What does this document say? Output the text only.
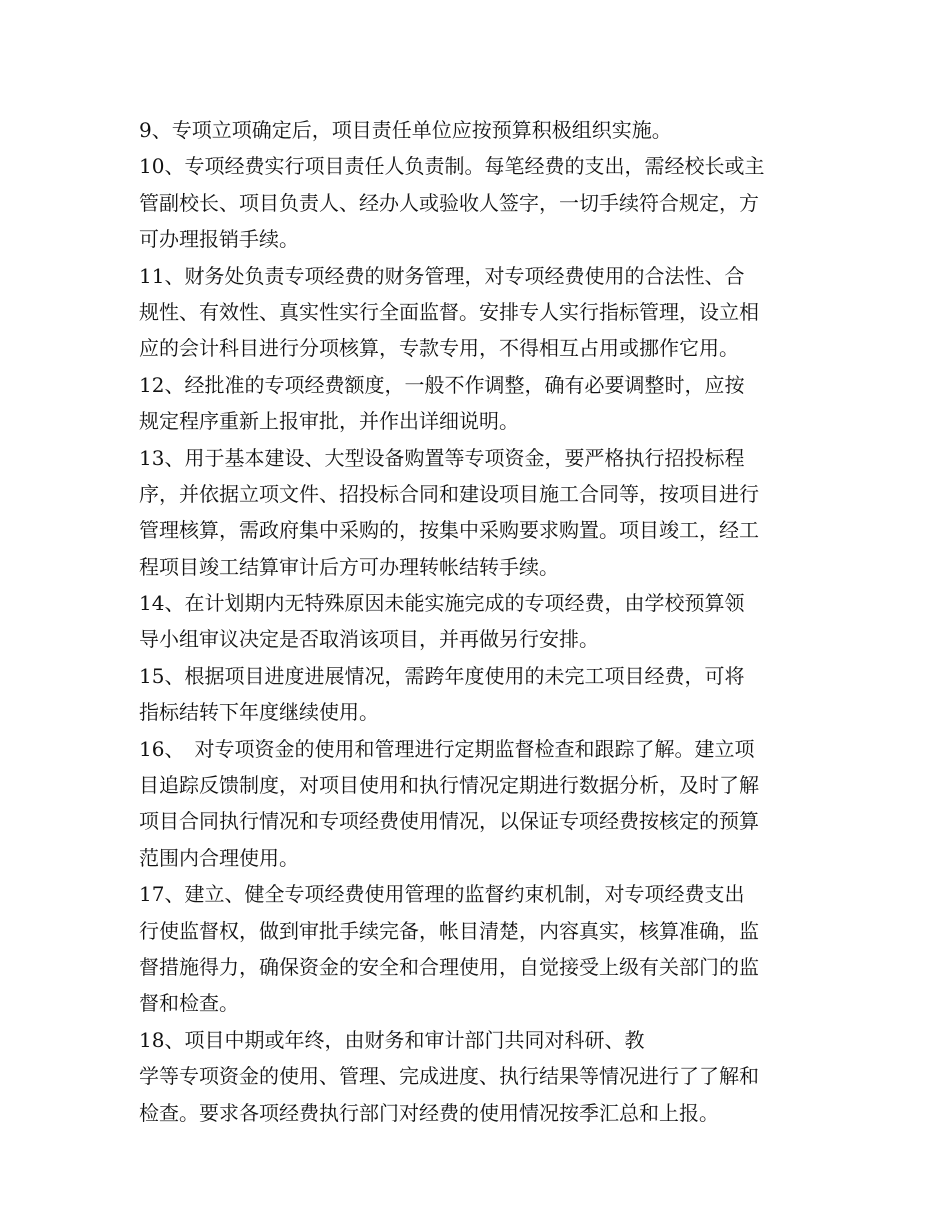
9、专项立项确定后，项目责任单位应按预算积极组织实施。
10、专项经费实行项目责任人负责制。每笔经费的支出，需经校长或主
管副校长、项目负责人、经办人或验收人签字，一切手续符合规定，方
可办理报销手续。
11、财务处负责专项经费的财务管理，对专项经费使用的合法性、合
规性、有效性、真实性实行全面监督。安排专人实行指标管理，设立相
应的会计科目进行分项核算，专款专用，不得相互占用或挪作它用。
12、经批准的专项经费额度，一般不作调整，确有必要调整时，应按
规定程序重新上报审批，并作出详细说明。
13、用于基本建设、大型设备购置等专项资金，要严格执行招投标程
序，并依据立项文件、招投标合同和建设项目施工合同等，按项目进行
管理核算，需政府集中采购的，按集中采购要求购置。项目竣工，经工
程项目竣工结算审计后方可办理转帐结转手续。
14、在计划期内无特殊原因未能实施完成的专项经费，由学校预算领
导小组审议决定是否取消该项目，并再做另行安排。
15、根据项目进度进展情况，需跨年度使用的未完工项目经费，可将
指标结转下年度继续使用。
16、　对专项资金的使用和管理进行定期监督检查和跟踪了解。建立项
目追踪反馈制度，对项目使用和执行情况定期进行数据分析，及时了解
项目合同执行情况和专项经费使用情况，以保证专项经费按核定的预算
范围内合理使用。
17、建立、健全专项经费使用管理的监督约束机制，对专项经费支出
行使监督权，做到审批手续完备，帐目清楚，内容真实，核算准确，监
督措施得力，确保资金的安全和合理使用，自觉接受上级有关部门的监
督和检查。
18、项目中期或年终，由财务和审计部门共同对科研、教
学等专项资金的使用、管理、完成进度、执行结果等情况进行了了解和
检查。要求各项经费执行部门对经费的使用情况按季汇总和上报。
